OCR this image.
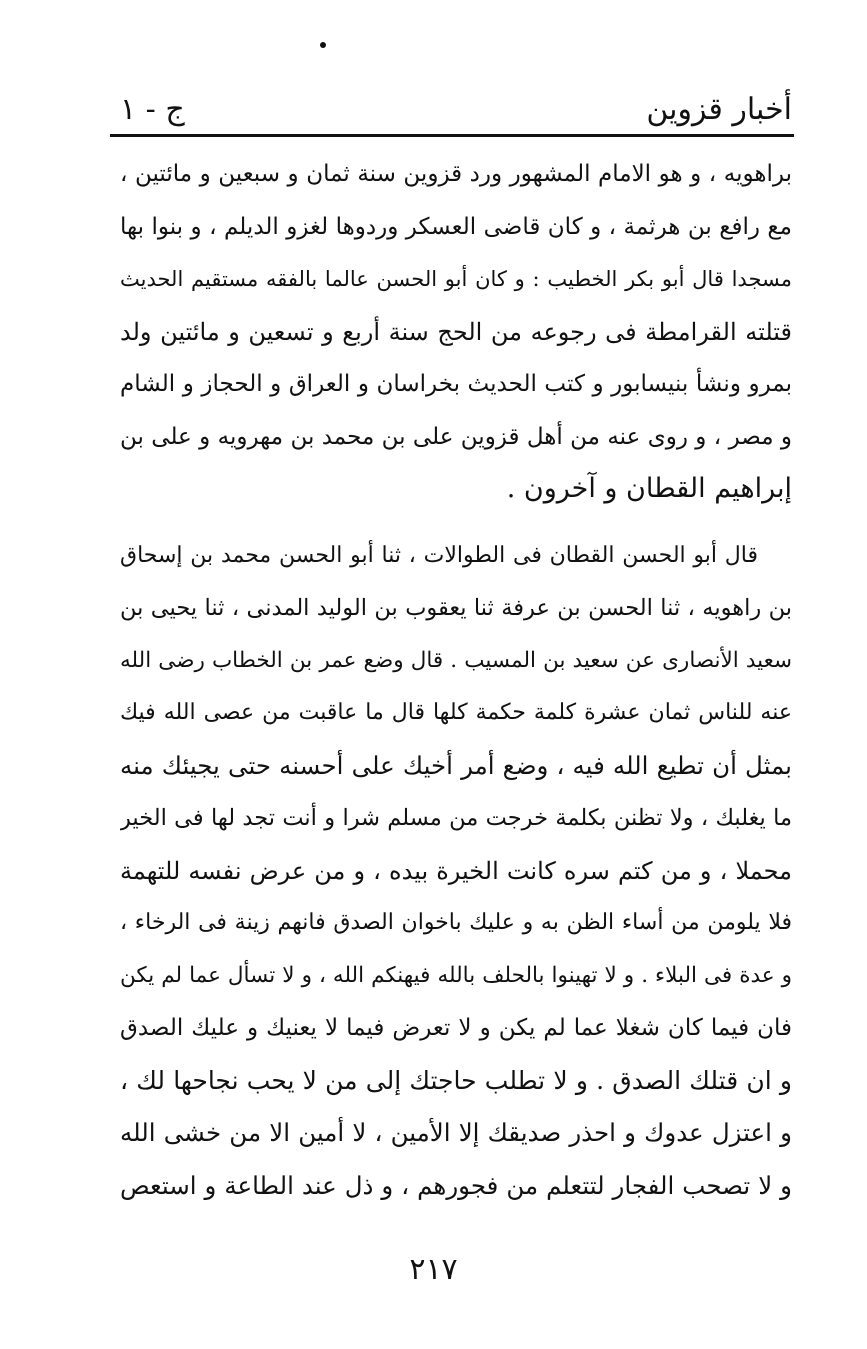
أخبار قزوين
ج - ١
براهويه ، و هو الامام المشهور ورد قزوين سنة ثمان و سبعين و مائتين ،
مع رافع بن هرثمة ، و كان قاضى العسكر وردوها لغزو الديلم ، و بنوا بها
مسجدا قال أبو بكر الخطيب : و كان أبو الحسن عالما بالفقه مستقيم الحديث
قتلته القرامطة فى رجوعه من الحج سنة أربع و تسعين و مائتين ولد
بمرو ونشأ بنيسابور و كتب الحديث بخراسان و العراق و الحجاز و الشام
و مصر ، و روى عنه من أهل قزوين على بن محمد بن مهرويه و على بن
إبراهيم القطان و آخرون .
قال أبو الحسن القطان فى الطوالات ، ثنا أبو الحسن محمد بن إسحاق
بن راهويه ، ثنا الحسن بن عرفة ثنا يعقوب بن الوليد المدنى ، ثنا يحيى بن
سعيد الأنصارى عن سعيد بن المسيب . قال وضع عمر بن الخطاب رضى الله
عنه للناس ثمان عشرة كلمة حكمة كلها قال ما عاقبت من عصى الله فيك
بمثل أن تطيع الله فيه ، وضع أمر أخيك على أحسنه حتى يجيئك منه
ما يغلبك ، ولا تظنن بكلمة خرجت من مسلم شرا و أنت تجد لها فى الخير
محملا ، و من كتم سره كانت الخيرة بيده ، و من عرض نفسه للتهمة
فلا يلومن من أساء الظن به و عليك باخوان الصدق فانهم زينة فى الرخاء ،
و عدة فى البلاء . و لا تهينوا بالحلف بالله فيهنكم الله ، و لا تسأل عما لم يكن
فان فيما كان شغلا عما لم يكن و لا تعرض فيما لا يعنيك و عليك الصدق
و ان قتلك الصدق . و لا تطلب حاجتك إلى من لا يحب نجاحها لك ،
و اعتزل عدوك و احذر صديقك إلا الأمين ، لا أمين الا من خشى الله
و لا تصحب الفجار لتتعلم من فجورهم ، و ذل عند الطاعة و استعص
٢١٧
